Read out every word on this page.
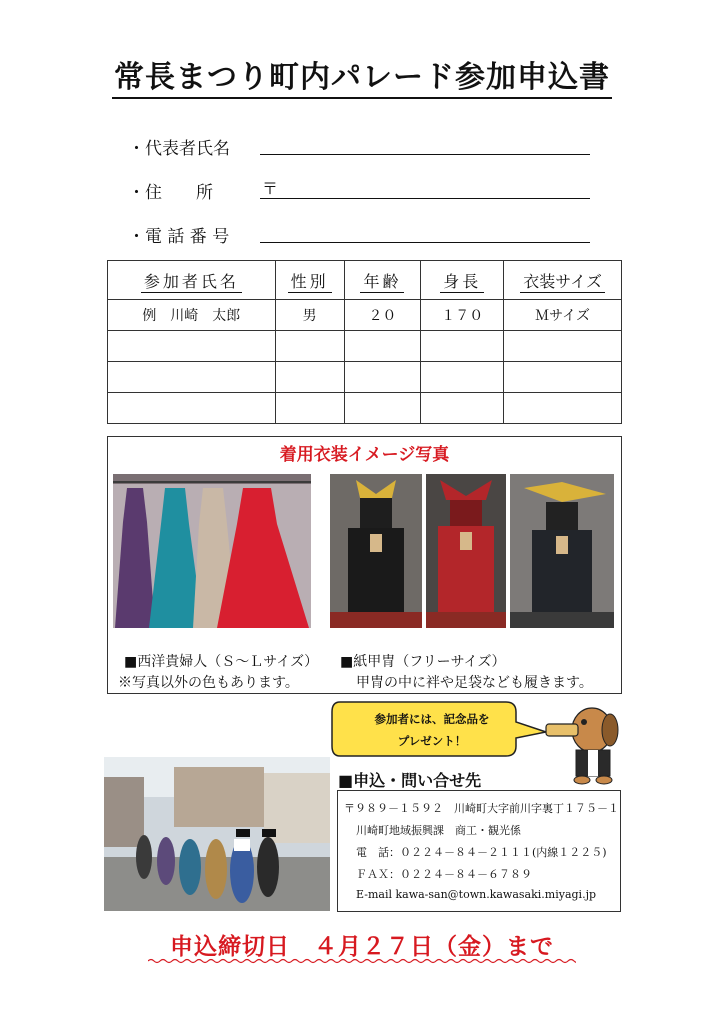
常長まつり町内パレード参加申込書
・代表者氏名
・住　　所	〒
・電 話 番 号
参加者氏名	性別	年齢	身長	衣装サイズ
例　川崎　太郎	男	２０	１７０	Ｍサイズ

着用衣装イメージ写真
■西洋貴婦人（Ｓ～Ｌサイズ）
※写真以外の色もあります。
■紙甲冑（フリーサイズ）
甲冑の中に袢や足袋なども履きます。
参加者には、記念品を
プレゼント！
■申込・問い合せ先
〒９８９－１５９２　川崎町大字前川字裏丁１７５－１
川崎町地域振興課　商工・観光係
電　話：０２２４－８４－２１１１(内線１２２５)
ＦＡＸ：０２２４－８４－６７８９
E-mail kawa-san@town.kawasaki.miyagi.jp
申込締切日　４月２７日（金）まで
